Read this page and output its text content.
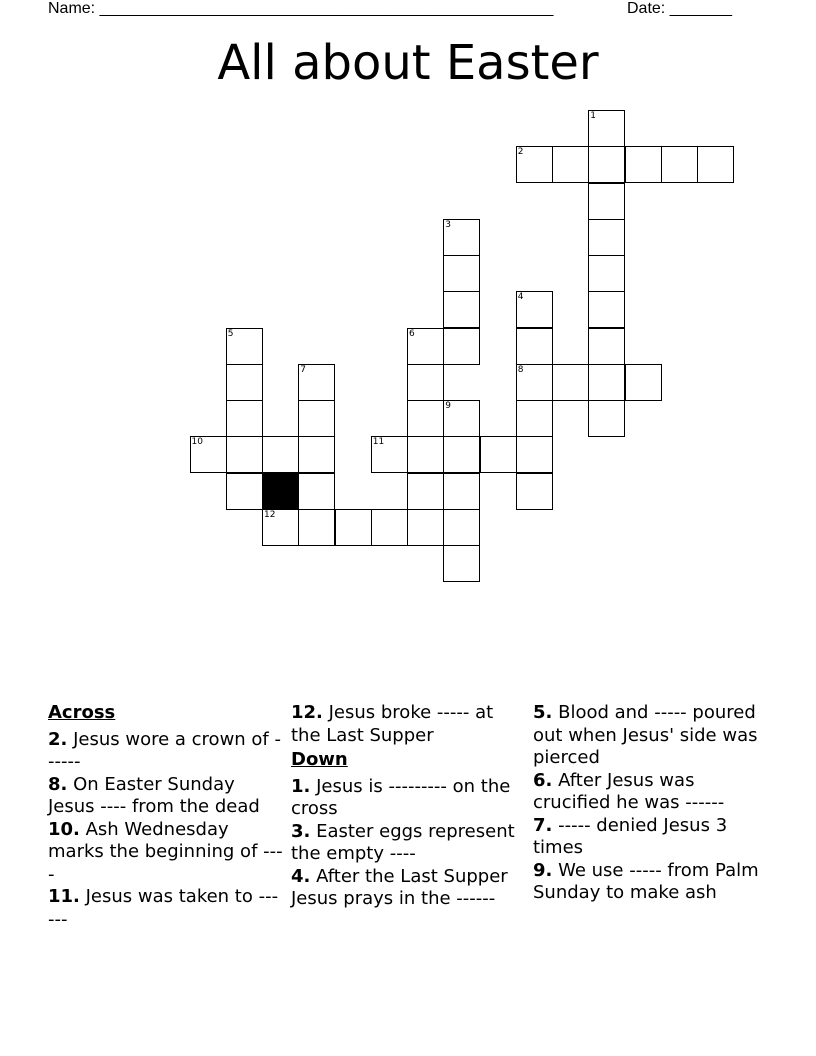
Name: ___________________________________________________	Date: _______
All about Easter
1
2
3
4
5	6
7	8
9
10	11
12
Across
2. Jesus wore a crown of ------
8. On Easter Sunday Jesus ---- from the dead
10. Ash Wednesday marks the beginning of ----
11. Jesus was taken to ------
12. Jesus broke ----- at the Last Supper
Down
1. Jesus is --------- on the cross
3. Easter eggs represent the empty ----
4. After the Last Supper Jesus prays in the ------
5. Blood and ----- poured out when Jesus' side was pierced
6. After Jesus was crucified he was ------
7. ----- denied Jesus 3 times
9. We use ----- from Palm Sunday to make ash
